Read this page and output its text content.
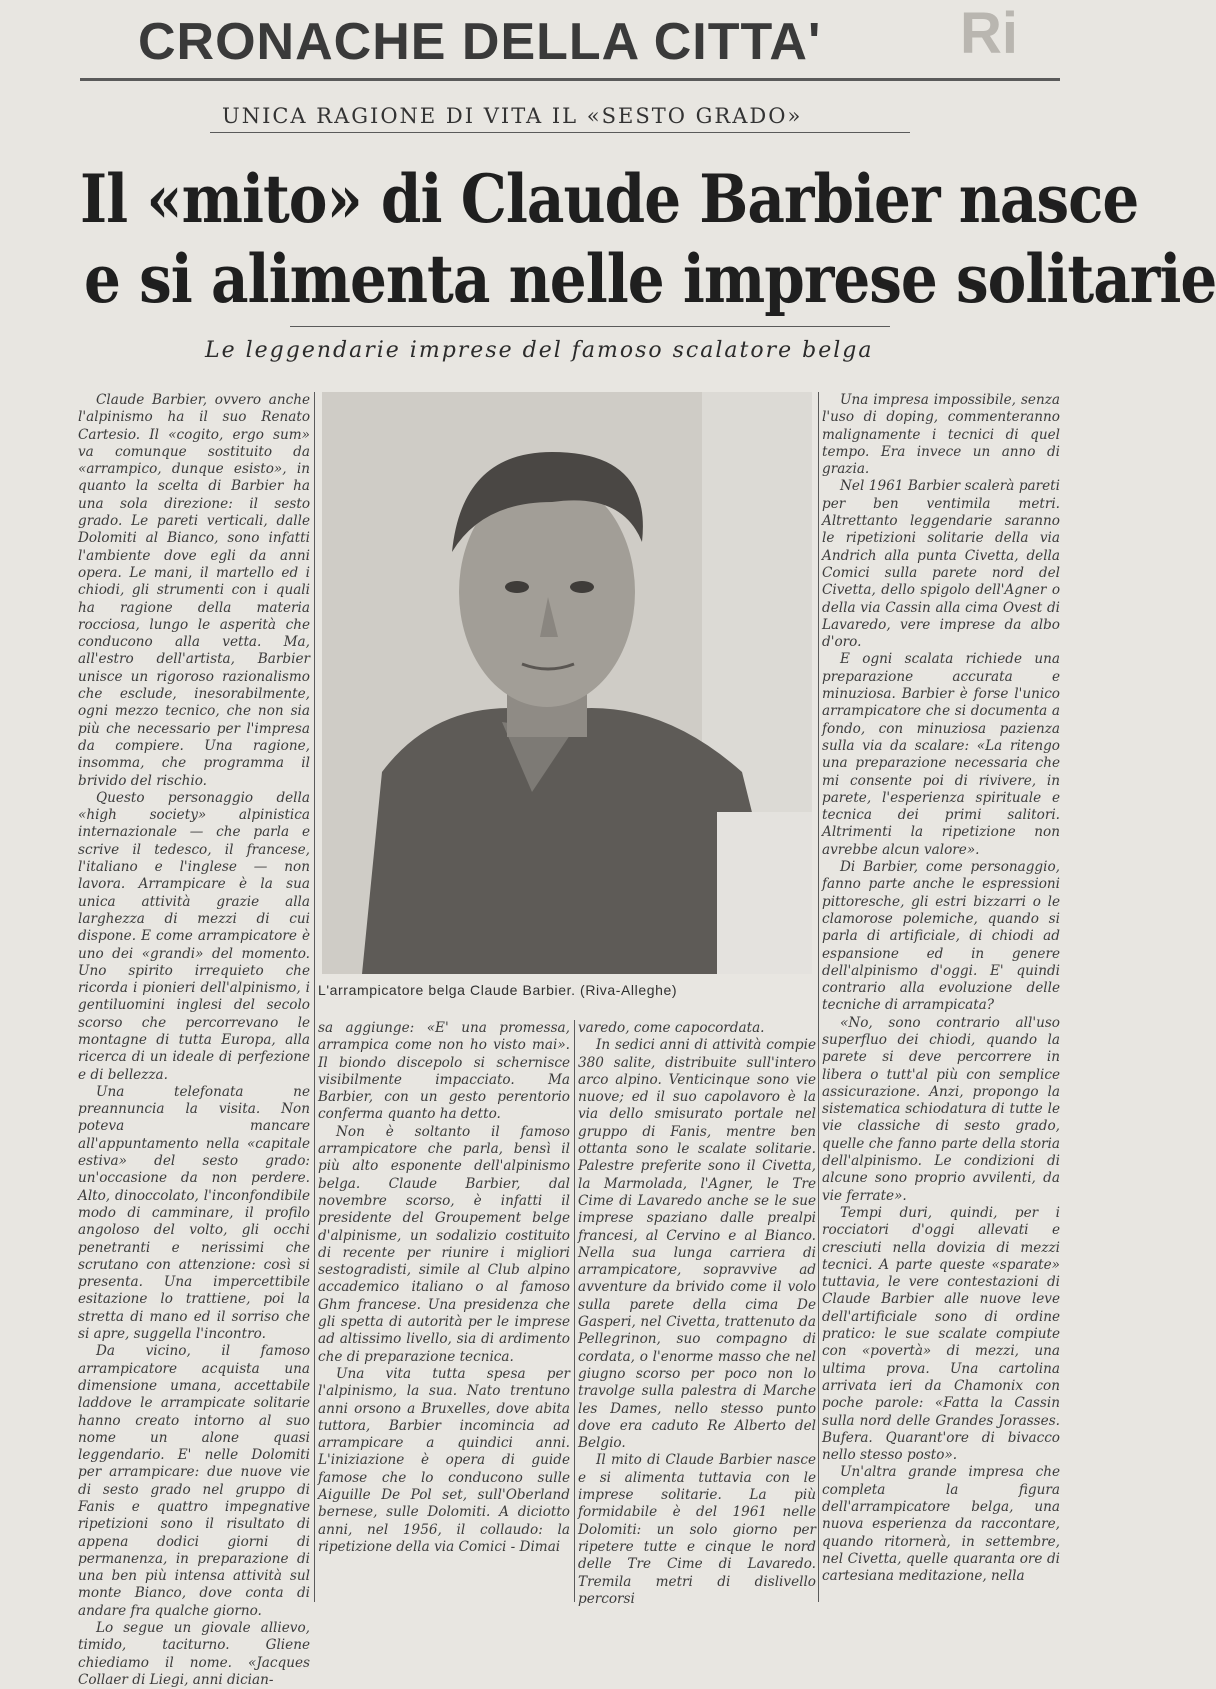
CRONACHE DELLA CITTA'	Ri
UNICA RAGIONE DI VITA IL «SESTO GRADO»
Il «mito» di Claude Barbier nasce
e si alimenta nelle imprese solitarie
Le leggendarie imprese del famoso scalatore belga

Claude Barbier, ovvero anche l'alpinismo ha il suo Renato Cartesio. Il «cogito, ergo sum» va comunque sostituito da «arrampico, dunque esisto», in quanto la scelta di Barbier ha una sola direzione: il sesto grado. Le pareti verticali, dalle Dolomiti al Bianco, sono infatti l'ambiente dove egli da anni opera. Le mani, il martello ed i chiodi, gli strumenti con i quali ha ragione della materia rocciosa, lungo le asperità che conducono alla vetta. Ma, all'estro dell'artista, Barbier unisce un rigoroso razionalismo che esclude, inesorabilmente, ogni mezzo tecnico, che non sia più che necessario per l'impresa da compiere. Una ragione, insomma, che programma il brivido del rischio.

Questo personaggio della «high society» alpinistica internazionale — che parla e scrive il tedesco, il francese, l'italiano e l'inglese — non lavora. Arrampicare è la sua unica attività grazie alla larghezza di mezzi di cui dispone. E come arrampicatore è uno dei «grandi» del momento. Uno spirito irrequieto che ricorda i pionieri dell'alpinismo, i gentiluomini inglesi del secolo scorso che percorrevano le montagne di tutta Europa, alla ricerca di un ideale di perfezione e di bellezza.

Una telefonata ne preannuncia la visita. Non poteva mancare all'appuntamento nella «capitale estiva» del sesto grado: un'occasione da non perdere. Alto, dinoccolato, l'inconfondibile modo di camminare, il profilo angoloso del volto, gli occhi penetranti e nerissimi che scrutano con attenzione: così si presenta. Una impercettibile esitazione lo trattiene, poi la stretta di mano ed il sorriso che si apre, suggella l'incontro.

Da vicino, il famoso arrampicatore acquista una dimensione umana, accettabile laddove le arrampicate solitarie hanno creato intorno al suo nome un alone quasi leggendario. E' nelle Dolomiti per arrampicare: due nuove vie di sesto grado nel gruppo di Fanis e quattro impegnative ripetizioni sono il risultato di appena dodici giorni di permanenza, in preparazione di una ben più intensa attività sul monte Bianco, dove conta di andare fra qualche giorno.

Lo segue un giovale allievo, timido, taciturno. Gliene chiediamo il nome. «Jacques Collaer di Liegi, anni dician-

L'arrampicatore belga Claude Barbier. (Riva-Alleghe)

sa aggiunge: «E' una promessa, arrampica come non ho visto mai». Il biondo discepolo si schernisce visibilmente impacciato. Ma Barbier, con un gesto perentorio conferma quanto ha detto.

Non è soltanto il famoso arrampicatore che parla, bensì il più alto esponente dell'alpinismo belga. Claude Barbier, dal novembre scorso, è infatti il presidente del Groupement belge d'alpinisme, un sodalizio costituito di recente per riunire i migliori sestogradisti, simile al Club alpino accademico italiano o al famoso Ghm francese. Una presidenza che gli spetta di autorità per le imprese ad altissimo livello, sia di ardimento che di preparazione tecnica.

Una vita tutta spesa per l'alpinismo, la sua. Nato trentuno anni orsono a Bruxelles, dove abita tuttora, Barbier incomincia ad arrampicare a quindici anni. L'iniziazione è opera di guide famose che lo conducono sulle Aiguille De Pol set, sull'Oberland bernese, sulle Dolomiti. A diciotto anni, nel 1956, il collaudo: la ripetizione della via Comici - Dimai

varedo, come capocordata.

In sedici anni di attività compie 380 salite, distribuite sull'intero arco alpino. Venticinque sono vie nuove; ed il suo capolavoro è la via dello smisurato portale nel gruppo di Fanis, mentre ben ottanta sono le scalate solitarie. Palestre preferite sono il Civetta, la Marmolada, l'Agner, le Tre Cime di Lavaredo anche se le sue imprese spaziano dalle prealpi francesi, al Cervino e al Bianco. Nella sua lunga carriera di arrampicatore, sopravvive ad avventure da brivido come il volo sulla parete della cima De Gasperi, nel Civetta, trattenuto da Pellegrinon, suo compagno di cordata, o l'enorme masso che nel giugno scorso per poco non lo travolge sulla palestra di Marche les Dames, nello stesso punto dove era caduto Re Alberto del Belgio.

Il mito di Claude Barbier nasce e si alimenta tuttavia con le imprese solitarie. La più formidabile è del 1961 nelle Dolomiti: un solo giorno per ripetere tutte e cinque le nord delle Tre Cime di Lavaredo. Tremila metri di dislivello percorsi

Una impresa impossibile, senza l'uso di doping, commenteranno malignamente i tecnici di quel tempo. Era invece un anno di grazia.

Nel 1961 Barbier scalerà pareti per ben ventimila metri. Altrettanto leggendarie saranno le ripetizioni solitarie della via Andrich alla punta Civetta, della Comici sulla parete nord del Civetta, dello spigolo dell'Agner o della via Cassin alla cima Ovest di Lavaredo, vere imprese da albo d'oro.

E ogni scalata richiede una preparazione accurata e minuziosa. Barbier è forse l'unico arrampicatore che si documenta a fondo, con minuziosa pazienza sulla via da scalare: «La ritengo una preparazione necessaria che mi consente poi di rivivere, in parete, l'esperienza spirituale e tecnica dei primi salitori. Altrimenti la ripetizione non avrebbe alcun valore».

Di Barbier, come personaggio, fanno parte anche le espressioni pittoresche, gli estri bizzarri o le clamorose polemiche, quando si parla di artificiale, di chiodi ad espansione ed in genere dell'alpinismo d'oggi. E' quindi contrario alla evoluzione delle tecniche di arrampicata?

«No, sono contrario all'uso superfluo dei chiodi, quando la parete si deve percorrere in libera o tutt'al più con semplice assicurazione. Anzi, propongo la sistematica schiodatura di tutte le vie classiche di sesto grado, quelle che fanno parte della storia dell'alpinismo. Le condizioni di alcune sono proprio avvilenti, da vie ferrate».

Tempi duri, quindi, per i rocciatori d'oggi allevati e cresciuti nella dovizia di mezzi tecnici. A parte queste «sparate» tuttavia, le vere contestazioni di Claude Barbier alle nuove leve dell'artificiale sono di ordine pratico: le sue scalate compiute con «povertà» di mezzi, una ultima prova. Una cartolina arrivata ieri da Chamonix con poche parole: «Fatta la Cassin sulla nord delle Grandes Jorasses. Bufera. Quarant'ore di bivacco nello stesso posto».

Un'altra grande impresa che completa la figura dell'arrampicatore belga, una nuova esperienza da raccontare, quando ritornerà, in settembre, nel Civetta, quelle quaranta ore di cartesiana meditazione, nella
